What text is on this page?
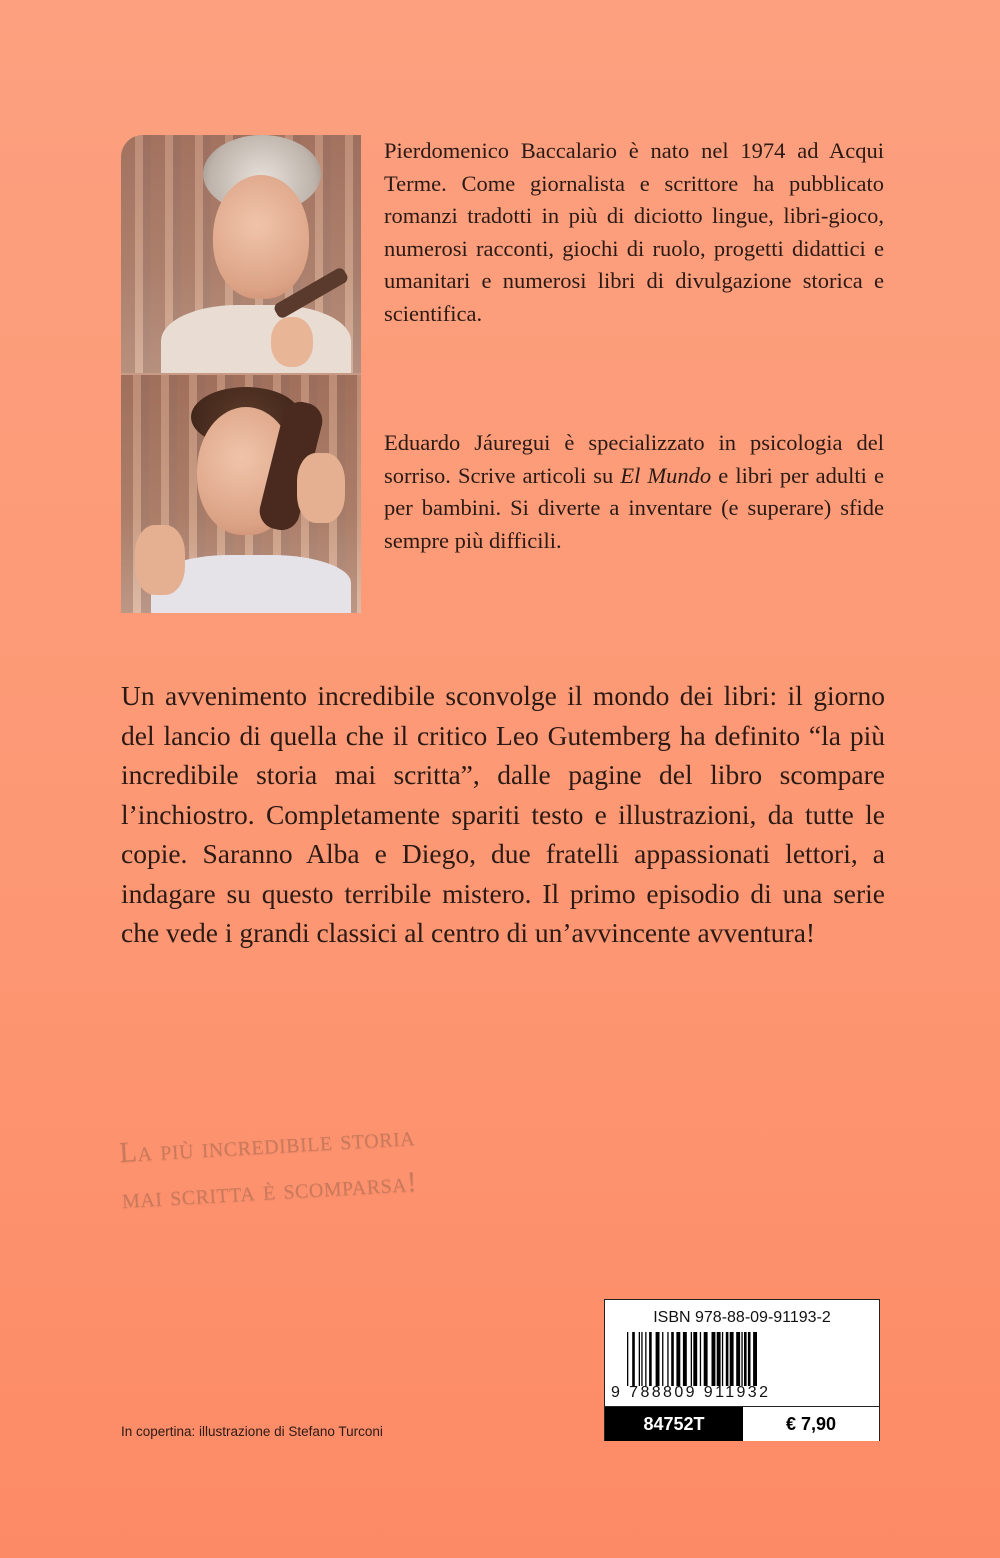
Pierdomenico Baccalario è nato nel 1974 ad Acqui Terme. Come giornalista e scrittore ha pubblicato romanzi tradotti in più di diciotto lingue, libri-gioco, numerosi racconti, giochi di ruolo, progetti didattici e umanitari e numerosi libri di divulgazione storica e scientifica.

Eduardo Jáuregui è specializzato in psicologia del sorriso. Scrive articoli su El Mundo e libri per adulti e per bambini. Si diverte a inventare (e superare) sfide sempre più difficili.

Un avvenimento incredibile sconvolge il mondo dei libri: il giorno del lancio di quella che il critico Leo Gutemberg ha definito “la più incredibile storia mai scritta”, dalle pagine del libro scompare l’inchiostro. Completamente spariti testo e illustrazioni, da tutte le copie. Saranno Alba e Diego, due fratelli appassionati lettori, a indagare su questo terribile mistero. Il primo episodio di una serie che vede i grandi classici al centro di un’avvincente avventura!

La più incredibile storia
mai scritta è scomparsa!
In copertina: illustrazione di Stefano Turconi
ISBN 978-88-09-91193-2
9 788809 911932
84752T	€ 7,90
